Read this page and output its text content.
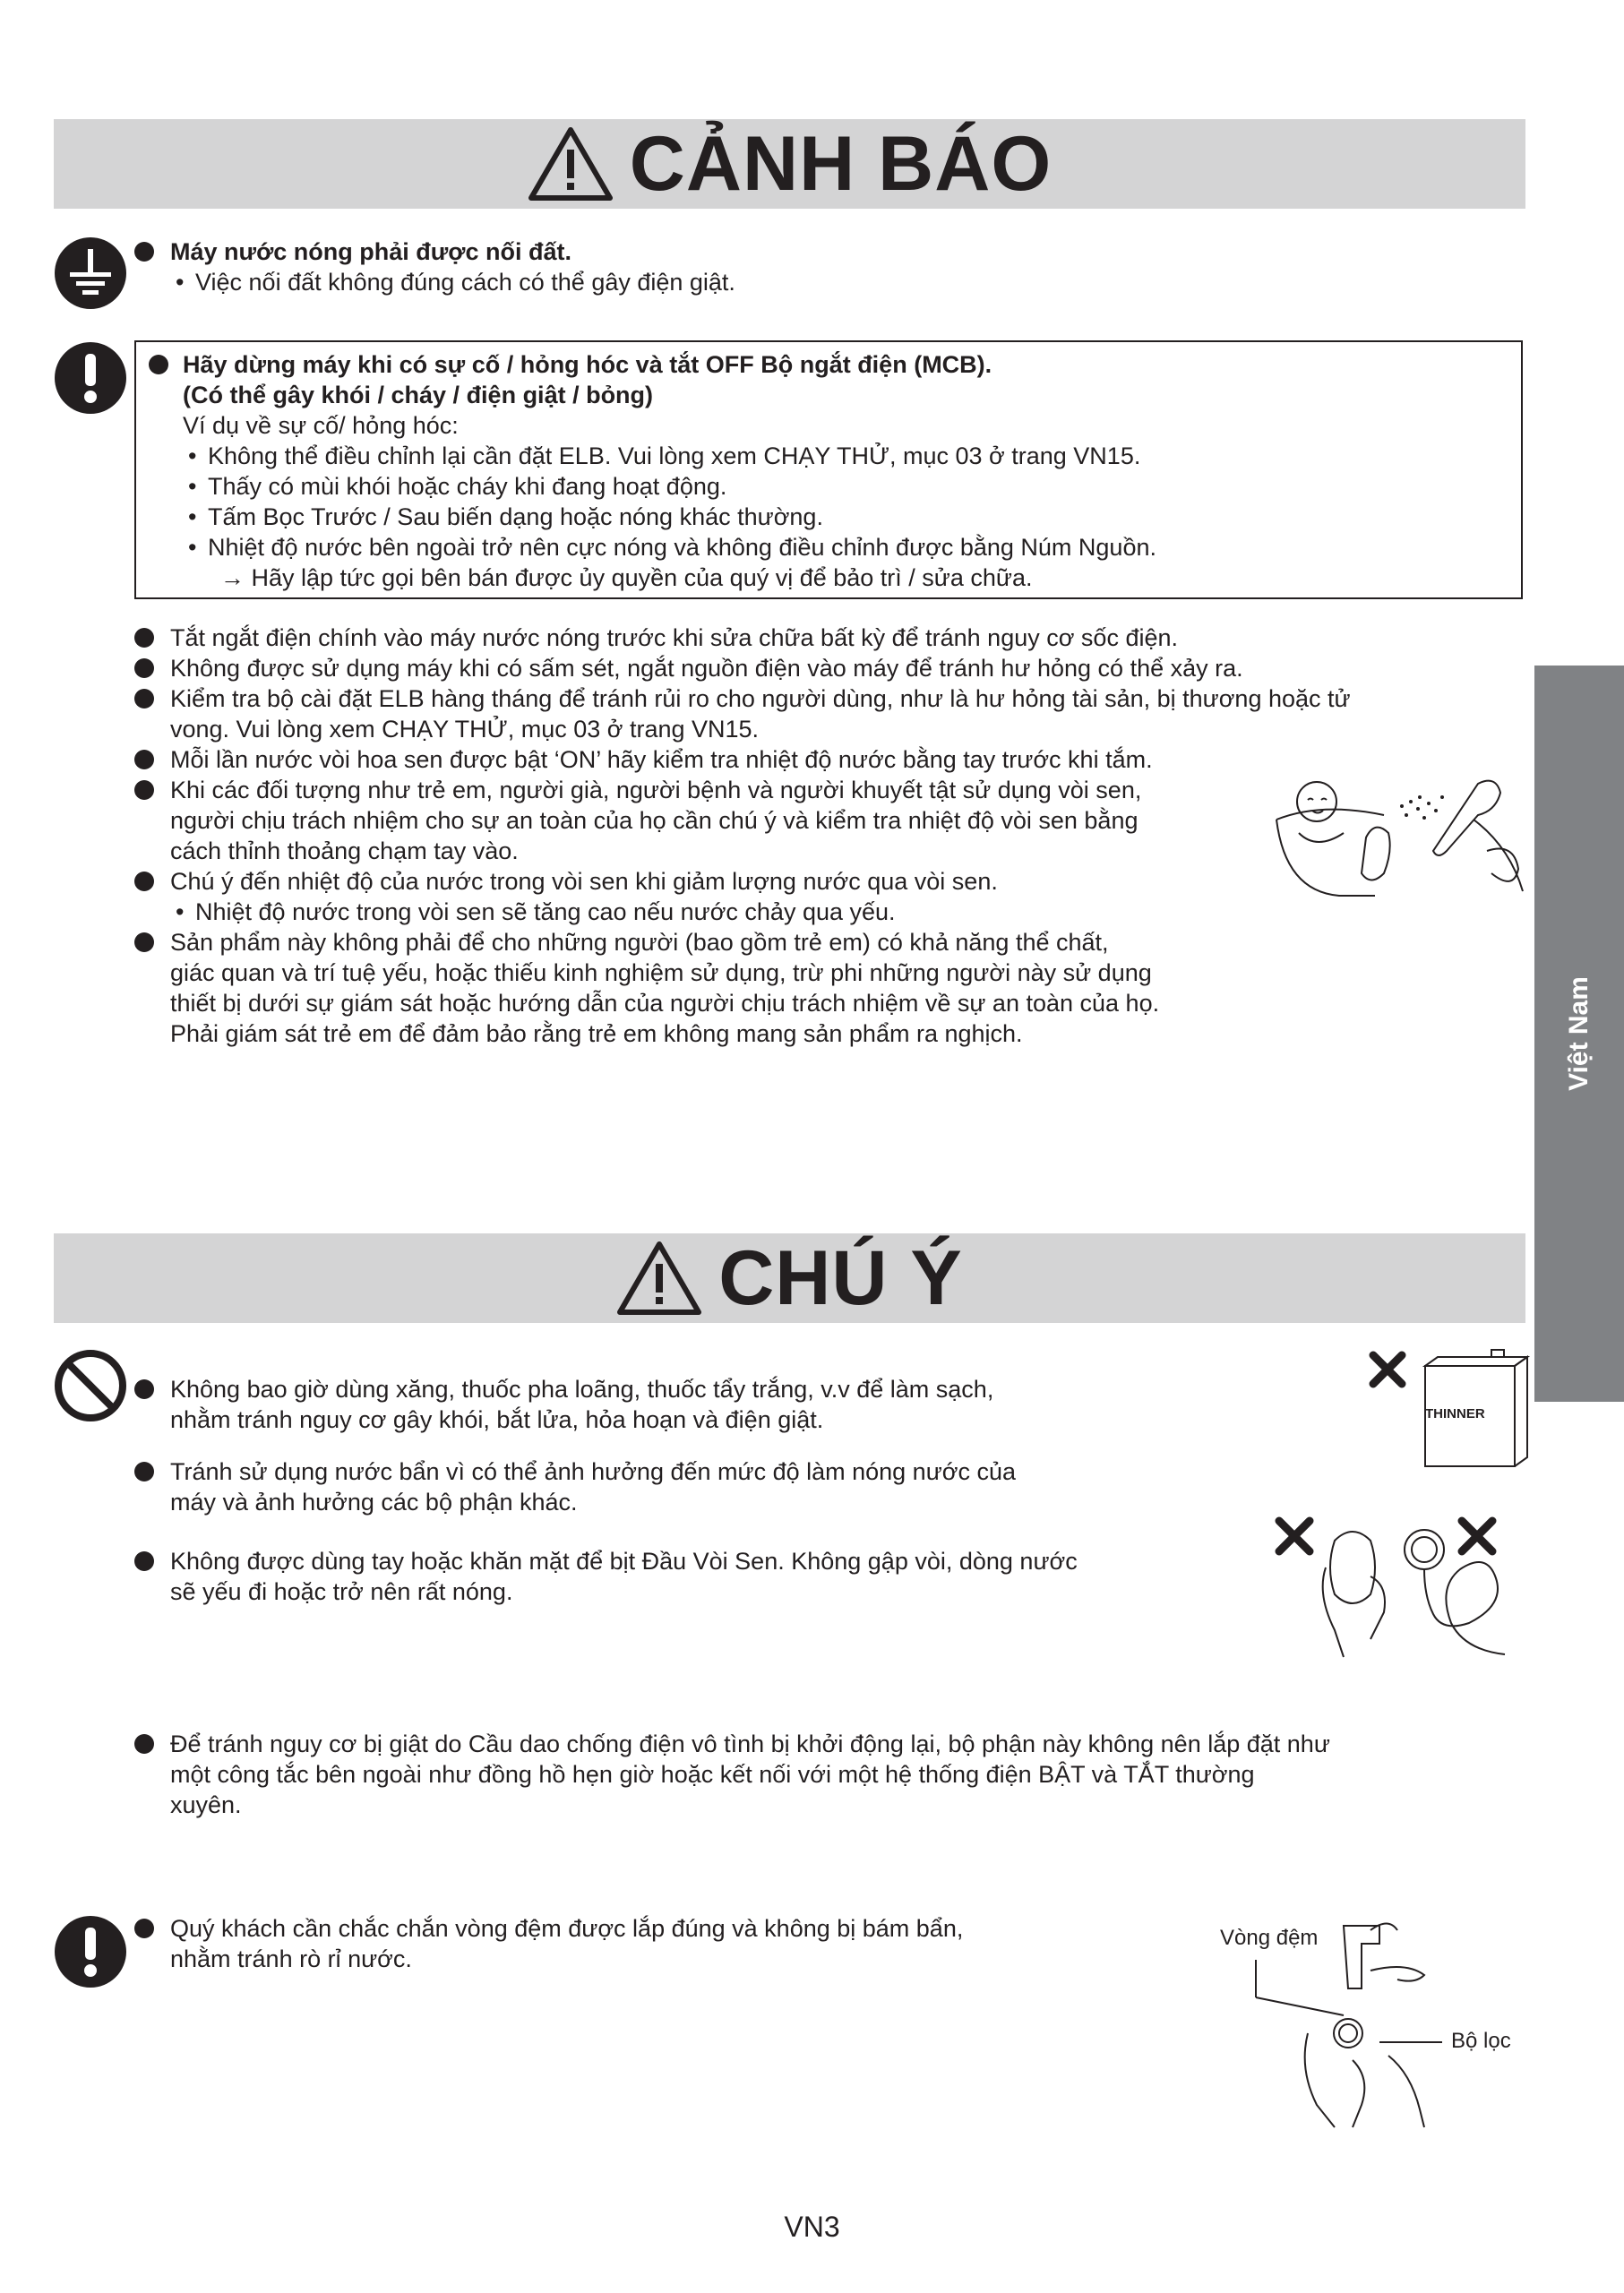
CẢNH BÁO
Việt Nam
Máy nước nóng phải được nối đất.
• Việc nối đất không đúng cách có thể gây điện giật.
Hãy dừng máy khi có sự cố / hỏng hóc và tắt OFF Bộ ngắt điện (MCB).
(Có thể gây khói / cháy / điện giật / bỏng)
Ví dụ về sự cố/ hỏng hóc:
• Không thể điều chỉnh lại cần đặt ELB. Vui lòng xem CHẠY THỬ, mục 03 ở trang VN15.
• Thấy có mùi khói hoặc cháy khi đang hoạt động.
• Tấm Bọc Trước / Sau biến dạng hoặc nóng khác thường.
• Nhiệt độ nước bên ngoài trở nên cực nóng và không điều chỉnh được bằng Núm Nguồn.
→ Hãy lập tức gọi bên bán được ủy quyền của quý vị để bảo trì / sửa chữa.
Tắt ngắt điện chính vào máy nước nóng trước khi sửa chữa bất kỳ để tránh nguy cơ sốc điện.
Không được sử dụng máy khi có sấm sét, ngắt nguồn điện vào máy để tránh hư hỏng có thể xảy ra.
Kiểm tra bộ cài đặt ELB hàng tháng để tránh rủi ro cho người dùng, như là hư hỏng tài sản, bị thương hoặc tử
vong. Vui lòng xem CHẠY THỬ, mục 03 ở trang VN15.
Mỗi lần nước vòi hoa sen được bật ‘ON’ hãy kiểm tra nhiệt độ nước bằng tay trước khi tắm.
Khi các đối tượng như trẻ em, người già, người bệnh và người khuyết tật sử dụng vòi sen,
người chịu trách nhiệm cho sự an toàn của họ cần chú ý và kiểm tra nhiệt độ vòi sen bằng
cách thỉnh thoảng chạm tay vào.
Chú ý đến nhiệt độ của nước trong vòi sen khi giảm lượng nước qua vòi sen.
• Nhiệt độ nước trong vòi sen sẽ tăng cao nếu nước chảy qua yếu.
Sản phẩm này không phải để cho những người (bao gồm trẻ em) có khả năng thể chất,
giác quan và trí tuệ yếu, hoặc thiếu kinh nghiệm sử dụng, trừ phi những người này sử dụng
thiết bị dưới sự giám sát hoặc hướng dẫn của người chịu trách nhiệm về sự an toàn của họ.
Phải giám sát trẻ em để đảm bảo rằng trẻ em không mang sản phẩm ra nghịch.
CHÚ Ý
Không bao giờ dùng xăng, thuốc pha loãng, thuốc tẩy trắng, v.v để làm sạch,
nhằm tránh nguy cơ gây khói, bắt lửa, hỏa hoạn và điện giật.
Tránh sử dụng nước bẩn vì có thể ảnh hưởng đến mức độ làm nóng nước của
máy và ảnh hưởng các bộ phận khác.
Không được dùng tay hoặc khăn mặt để bịt Đầu Vòi Sen. Không gập vòi, dòng nước
sẽ yếu đi hoặc trở nên rất nóng.
Để tránh nguy cơ bị giật do Cầu dao chống điện vô tình bị khởi động lại, bộ phận này không nên lắp đặt như
một công tắc bên ngoài như đồng hồ hẹn giờ hoặc kết nối với một hệ thống điện BẬT và TẮT thường
xuyên.
Quý khách cần chắc chắn vòng đệm được lắp đúng và không bị bám bẩn,
nhằm tránh rò rỉ nước.
THINNER
Vòng đệm
Bộ lọc
VN3
